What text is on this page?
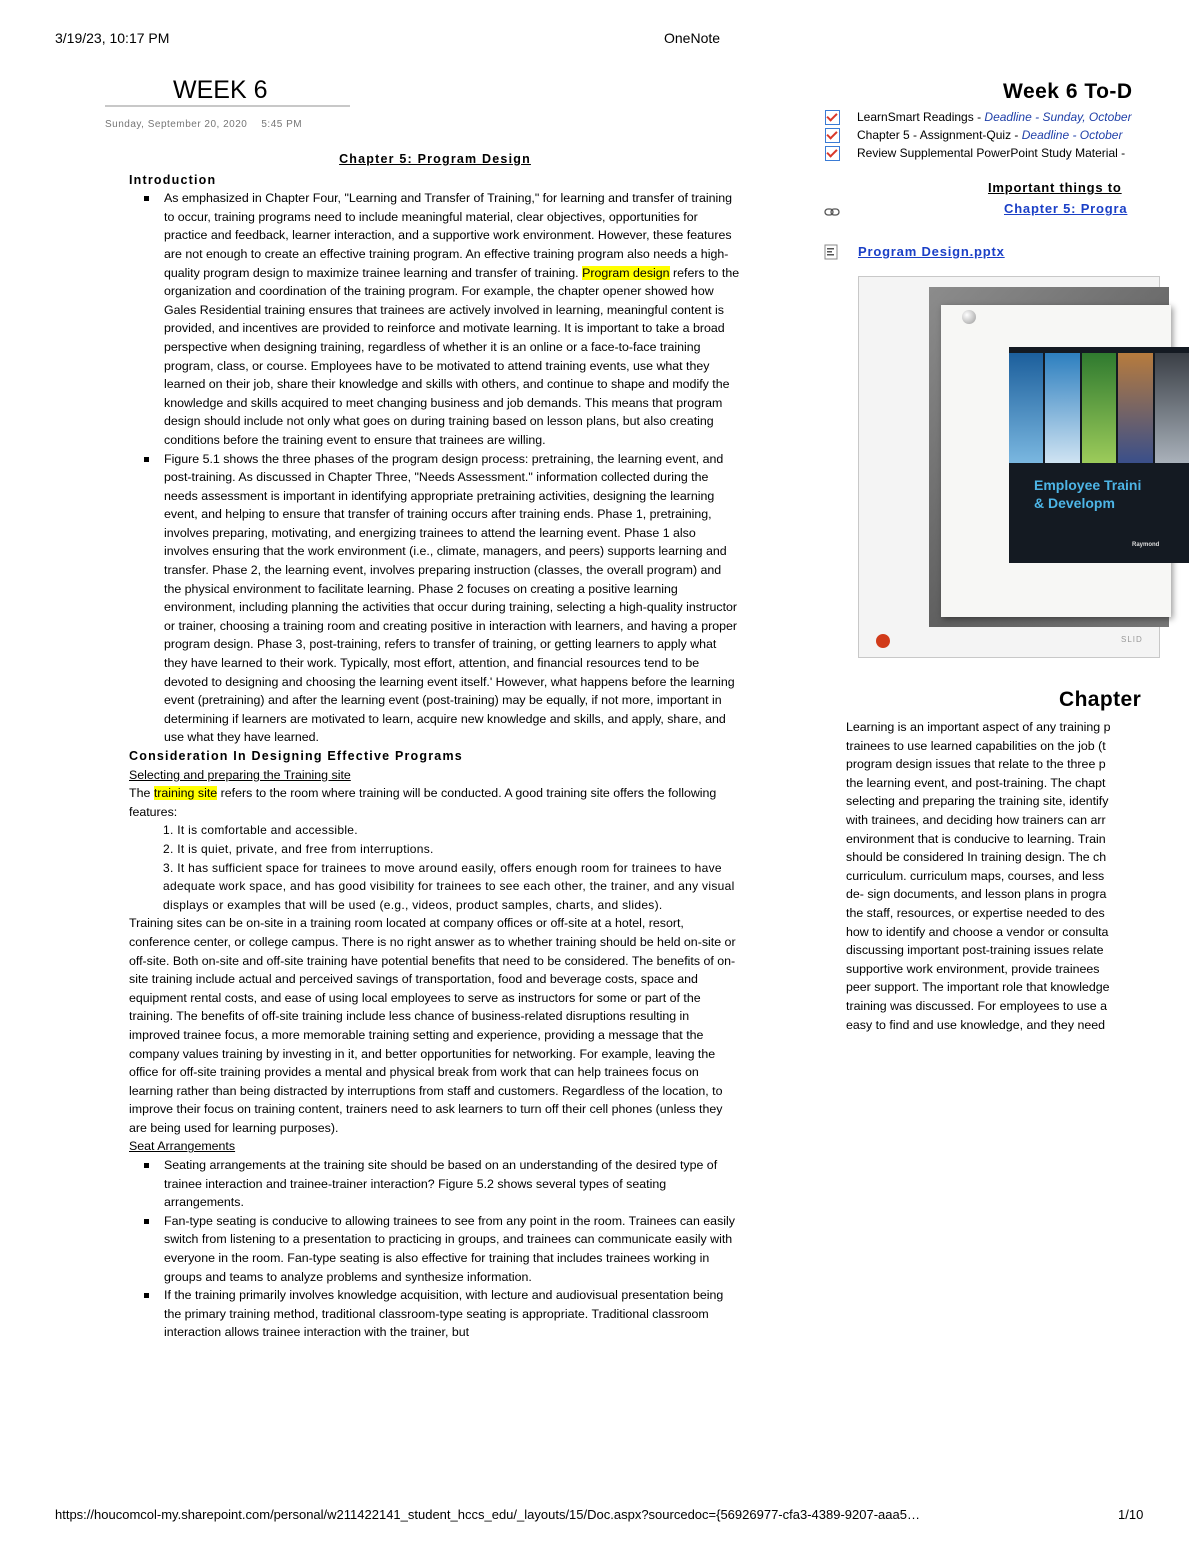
3/19/23, 10:17 PM	OneNote
WEEK 6
Sunday, September 20, 2020 5:45 PM
Chapter 5: Program Design
Introduction
As emphasized in Chapter Four, "Learning and Transfer of Training," for learning and transfer of training to occur, training programs need to include meaningful material, clear objectives, opportunities for practice and feedback, learner interaction, and a supportive work environment. However, these features are not enough to create an effective training program. An effective training program also needs a high-quality program design to maximize trainee learning and transfer of training. Program design refers to the organization and coordination of the training program. For example, the chapter opener showed how Gales Residential training ensures that trainees are actively involved in learning, meaningful content is provided, and incentives are provided to reinforce and motivate learning. It is important to take a broad perspective when designing training, regardless of whether it is an online or a face-to-face training program, class, or course. Employees have to be motivated to attend training events, use what they learned on their job, share their knowledge and skills with others, and continue to shape and modify the knowledge and skills acquired to meet changing business and job demands. This means that program design should include not only what goes on during training based on lesson plans, but also creating conditions before the training event to ensure that trainees are willing.
Figure 5.1 shows the three phases of the program design process: pretraining, the learning event, and post-training. As discussed in Chapter Three, "Needs Assessment." information collected during the needs assessment is important in identifying appropriate pretraining activities, designing the learning event, and helping to ensure that transfer of training occurs after training ends. Phase 1, pretraining, involves preparing, motivating, and energizing trainees to attend the learning event. Phase 1 also involves ensuring that the work environment (i.e., climate, managers, and peers) supports learning and transfer. Phase 2, the learning event, involves preparing instruction (classes, the overall program) and the physical environment to facilitate learning. Phase 2 focuses on creating a positive learning environment, including planning the activities that occur during training, selecting a high-quality instructor or trainer, choosing a training room and creating positive in interaction with learners, and having a proper program design. Phase 3, post-training, refers to transfer of training, or getting learners to apply what they have learned to their work. Typically, most effort, attention, and financial resources tend to be devoted to designing and choosing the learning event itself.' However, what happens before the learning event (pretraining) and after the learning event (post-training) may be equally, if not more, important in determining if learners are motivated to learn, acquire new knowledge and skills, and apply, share, and use what they have learned.
Consideration In Designing Effective Programs
Selecting and preparing the Training site

The training site refers to the room where training will be conducted. A good training site offers the following features:

1. It is comfortable and accessible.
2. It is quiet, private, and free from interruptions.
3. It has sufficient space for trainees to move around easily, offers enough room for trainees to have adequate work space, and has good visibility for trainees to see each other, the trainer, and any visual displays or examples that will be used (e.g., videos, product samples, charts, and slides).

Training sites can be on-site in a training room located at company offices or off-site at a hotel, resort, conference center, or college campus. There is no right answer as to whether training should be held on-site or off-site. Both on-site and off-site training have potential benefits that need to be considered. The benefits of on-site training include actual and perceived savings of transportation, food and beverage costs, space and equipment rental costs, and ease of using local employees to serve as instructors for some or part of the training. The benefits of off-site training include less chance of business-related disruptions resulting in improved trainee focus, a more memorable training setting and experience, providing a message that the company values training by investing in it, and better opportunities for networking. For example, leaving the office for off-site training provides a mental and physical break from work that can help trainees focus on learning rather than being distracted by interruptions from staff and customers. Regardless of the location, to improve their focus on training content, trainers need to ask learners to turn off their cell phones (unless they are being used for learning purposes).

Seat Arrangements
Seating arrangements at the training site should be based on an understanding of the desired type of trainee interaction and trainee-trainer interaction? Figure 5.2 shows several types of seating arrangements.
Fan-type seating is conducive to allowing trainees to see from any point in the room. Trainees can easily switch from listening to a presentation to practicing in groups, and trainees can communicate easily with everyone in the room. Fan-type seating is also effective for training that includes trainees working in groups and teams to analyze problems and synthesize information.
If the training primarily involves knowledge acquisition, with lecture and audiovisual presentation being the primary training method, traditional classroom-type seating is appropriate. Traditional classroom interaction allows trainee interaction with the trainer, but
Week 6 To-D
LearnSmart Readings -
Deadline - Sunday, October
Chapter 5 - Assignment-Quiz -
Deadline - October
Review Supplemental PowerPoint Study Material -
Important things to
Chapter 5: Progra
Program Design.pptx
Employee Traini
& Developm
Raymond
SLID
Chapter
Learning is an important aspect of any training p
trainees to use learned capabilities on the job (t
program design issues that relate to the three p
the learning event, and post-training. The chapt
selecting and preparing the training site, identify
with trainees, and deciding how trainers can arr
environment that is conducive to learning. Train
should be considered In training design. The ch
curriculum. curriculum maps, courses, and less
de- sign documents, and lesson plans in progra
the staff, resources, or expertise needed to des
how to identify and choose a vendor or consulta
discussing important post-training issues relate
supportive work environment, provide trainees
peer support. The important role that knowledge
training was discussed. For employees to use a
easy to find and use knowledge, and they need
https://houcomcol-my.sharepoint.com/personal/w211422141_student_hccs_edu/_layouts/15/Doc.aspx?sourcedoc={56926977-cfa3-4389-9207-aaa5…	1/10
